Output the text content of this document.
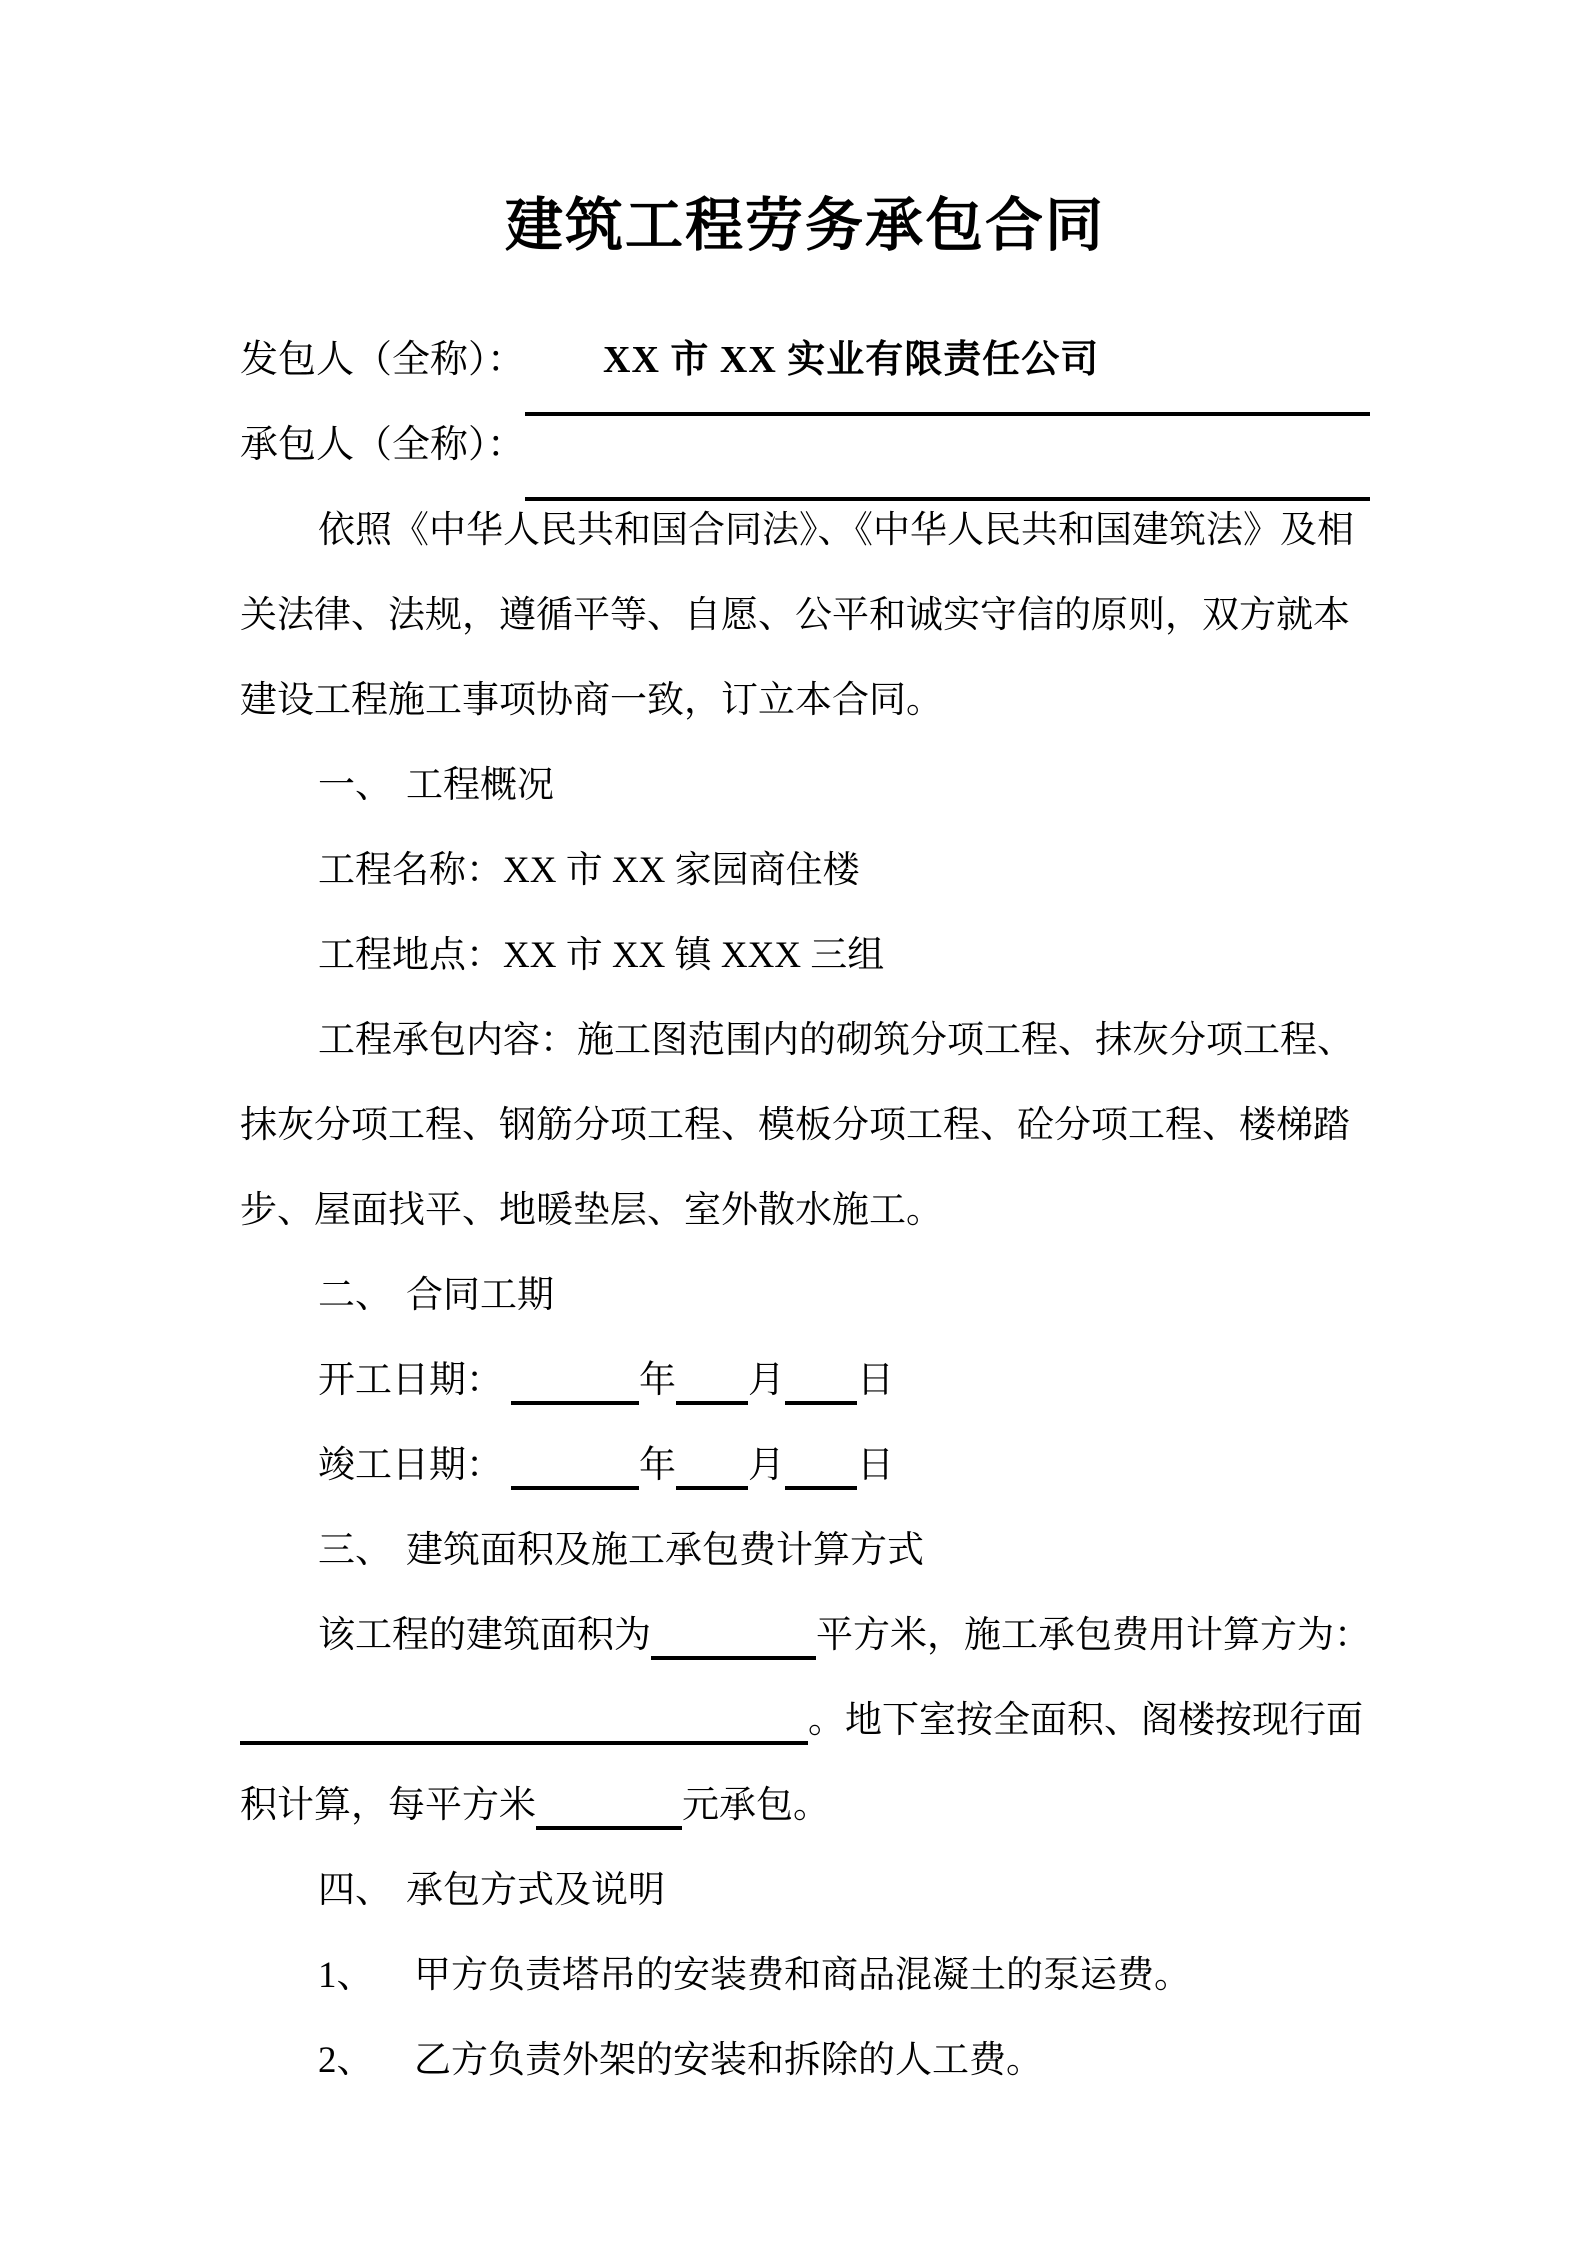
建筑工程劳务承包合同
发包人（全称）：	​ XX 市 XX 实业有限责任公司
承包人（全称）：
​

依照《中华人民共和国合同法》、《中华人民共和国建筑法》及相

关法律、法规，遵循平等、自愿、公平和诚实守信的原则，双方就本

建设工程施工事项协商一致，订立本合同。

一、 工程概况

工程名称：XX 市 XX 家园商住楼

工程地点：XX 市 XX 镇 XXX 三组

工程承包内容：施工图范围内的砌筑分项工程、抹灰分项工程、

抹灰分项工程、钢筋分项工程、模板分项工程、砼分项工程、楼梯踏

步、屋面找平、地暖垫层、室外散水施工。

二、 合同工期
开工日期：	年 月 日
竣工日期：	年 月 日
三、 建筑面积及施工承包费计算方式
该工程的建筑面积为	平方米，施工承包费用计算方为：
。地下室按全面积、阁楼按现行面
积计算，每平方米	元承包。
四、 承包方式及说明
1、 甲方负责塔吊的安装费和商品混凝土的泵运费。
2、 乙方负责外架的安装和拆除的人工费。
